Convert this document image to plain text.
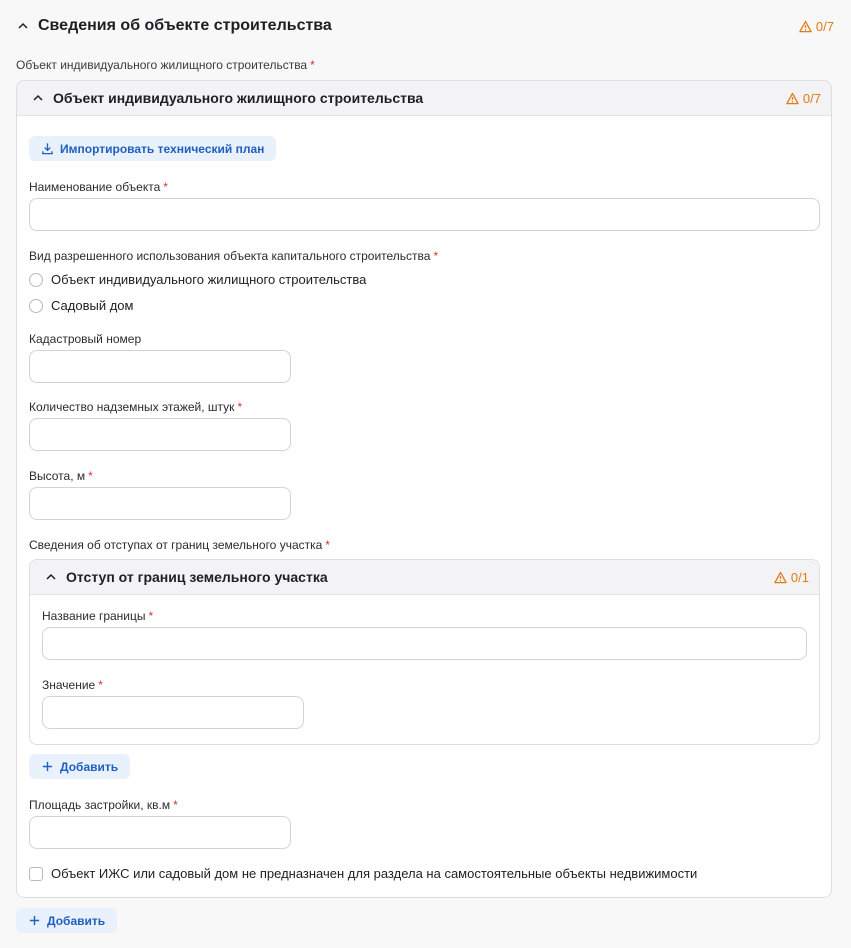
Сведения об объекте строительства	0/7
Объект индивидуального жилищного строительства *
Объект индивидуального жилищного строительства	0/7
Импортировать технический план
Наименование объекта *
Вид разрешенного использования объекта капитального строительства *
Объект индивидуального жилищного строительства
Садовый дом
Кадастровый номер
Количество надземных этажей, штук *
Высота, м *
Сведения об отступах от границ земельного участка *
Отступ от границ земельного участка	0/1
Название границы *
Значение *
Добавить
Площадь застройки, кв.м *
Объект ИЖС или садовый дом не предназначен для раздела на самостоятельные объекты недвижимости
Добавить
